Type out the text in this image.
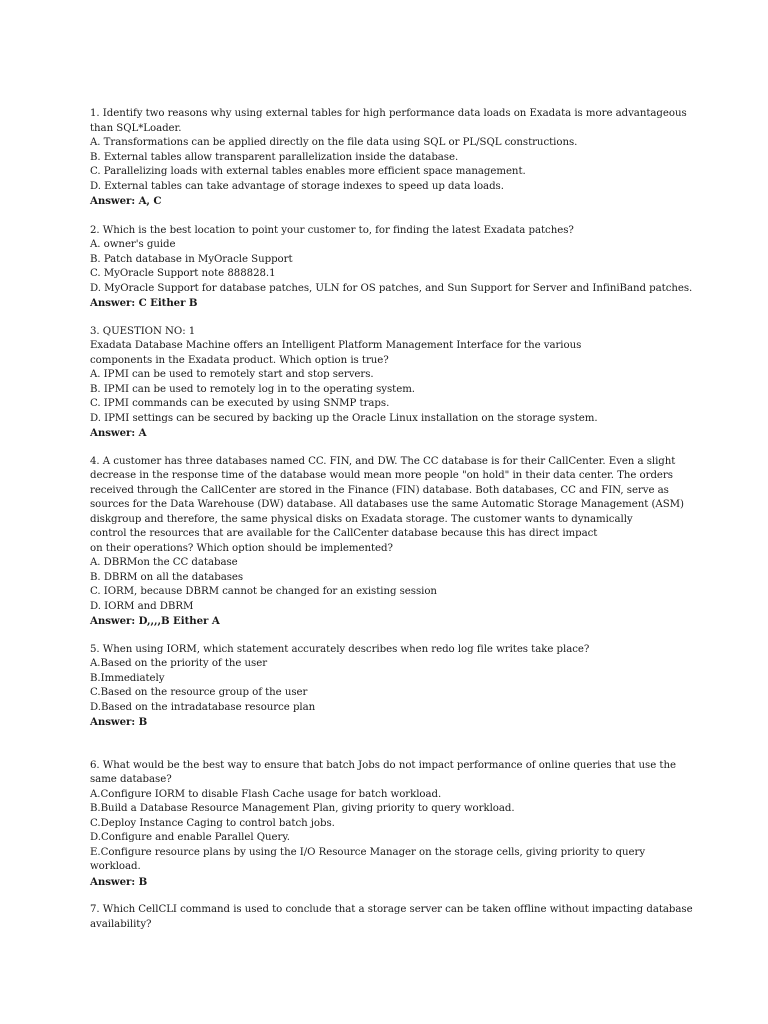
1. Identify two reasons why using external tables for high performance data loads on Exadata is more advantageous
than SQL*Loader.
A. Transformations can be applied directly on the file data using SQL or PL/SQL constructions.
B. External tables allow transparent parallelization inside the database.
C. Parallelizing loads with external tables enables more efficient space management.
D. External tables can take advantage of storage indexes to speed up data loads.
Answer: A, C
2. Which is the best location to point your customer to, for finding the latest Exadata patches?
A. owner's guide
B. Patch database in MyOracle Support
C. MyOracle Support note 888828.1
D. MyOracle Support for database patches, ULN for OS patches, and Sun Support for Server and InfiniBand patches.
Answer: C Either B
3. QUESTION NO: 1
Exadata Database Machine offers an Intelligent Platform Management Interface for the various
components in the Exadata product. Which option is true?
A. IPMI can be used to remotely start and stop servers.
B. IPMI can be used to remotely log in to the operating system.
C. IPMI commands can be executed by using SNMP traps.
D. IPMI settings can be secured by backing up the Oracle Linux installation on the storage system.
Answer: A
4. A customer has three databases named CC. FIN, and DW. The CC database is for their CallCenter. Even a slight
decrease in the response time of the database would mean more people "on hold" in their data center. The orders
received through the CallCenter are stored in the Finance (FIN) database. Both databases, CC and FIN, serve as
sources for the Data Warehouse (DW) database. All databases use the same Automatic Storage Management (ASM)
diskgroup and therefore, the same physical disks on Exadata storage. The customer wants to dynamically
control the resources that are available for the CallCenter database because this has direct impact
on their operations? Which option should be implemented?
A. DBRMon the CC database
B. DBRM on all the databases
C. IORM, because DBRM cannot be changed for an existing session
D. IORM and DBRM
Answer: D,,,,B Either A
5. When using IORM, which statement accurately describes when redo log file writes take place?
A.Based on the priority of the user
B.Immediately
C.Based on the resource group of the user
D.Based on the intradatabase resource plan
Answer: B
6. What would be the best way to ensure that batch Jobs do not impact performance of online queries that use the
same database?
A.Configure IORM to disable Flash Cache usage for batch workload.
B.Build a Database Resource Management Plan, giving priority to query workload.
C.Deploy Instance Caging to control batch jobs.
D.Configure and enable Parallel Query.
E.Configure resource plans by using the I/O Resource Manager on the storage cells, giving priority to query
workload.
Answer: B
7. Which CellCLI command is used to conclude that a storage server can be taken offline without impacting database
availability?
